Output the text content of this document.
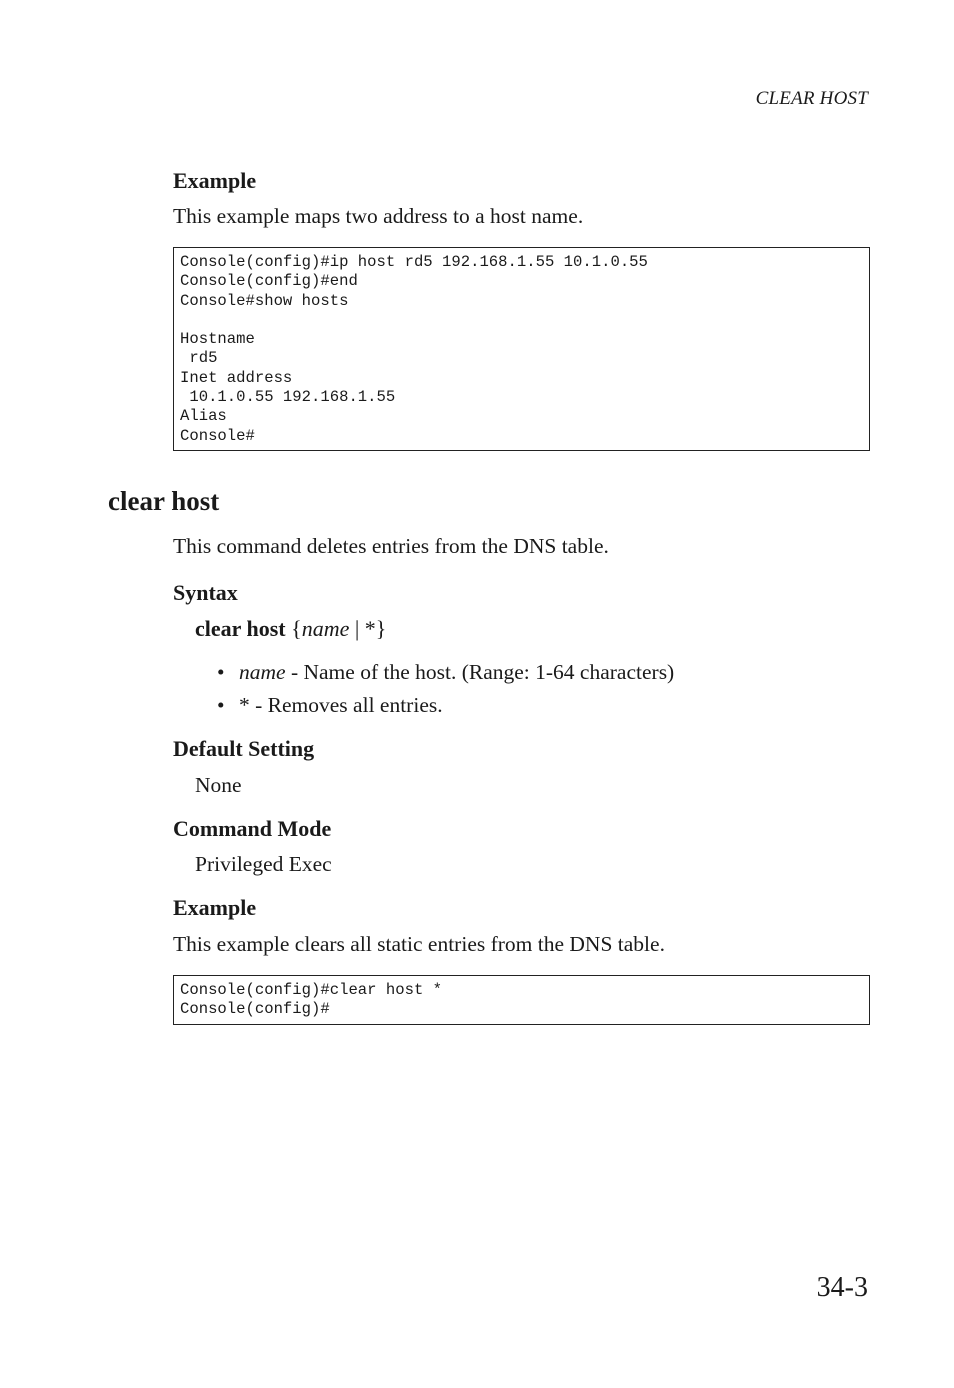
CLEAR HOST
Example
This example maps two address to a host name.
Console(config)#ip host rd5 192.168.1.55 10.1.0.55
Console(config)#end
Console#show hosts
Hostname
rd5
Inet address
10.1.0.55 192.168.1.55
Alias
Console#
clear host
This command deletes entries from the DNS table.
Syntax
clear host {name | *}
• name - Name of the host. (Range: 1-64 characters)
• * - Removes all entries.
Default Setting
None
Command Mode
Privileged Exec
Example
This example clears all static entries from the DNS table.
Console(config)#clear host *
Console(config)#
34-3
